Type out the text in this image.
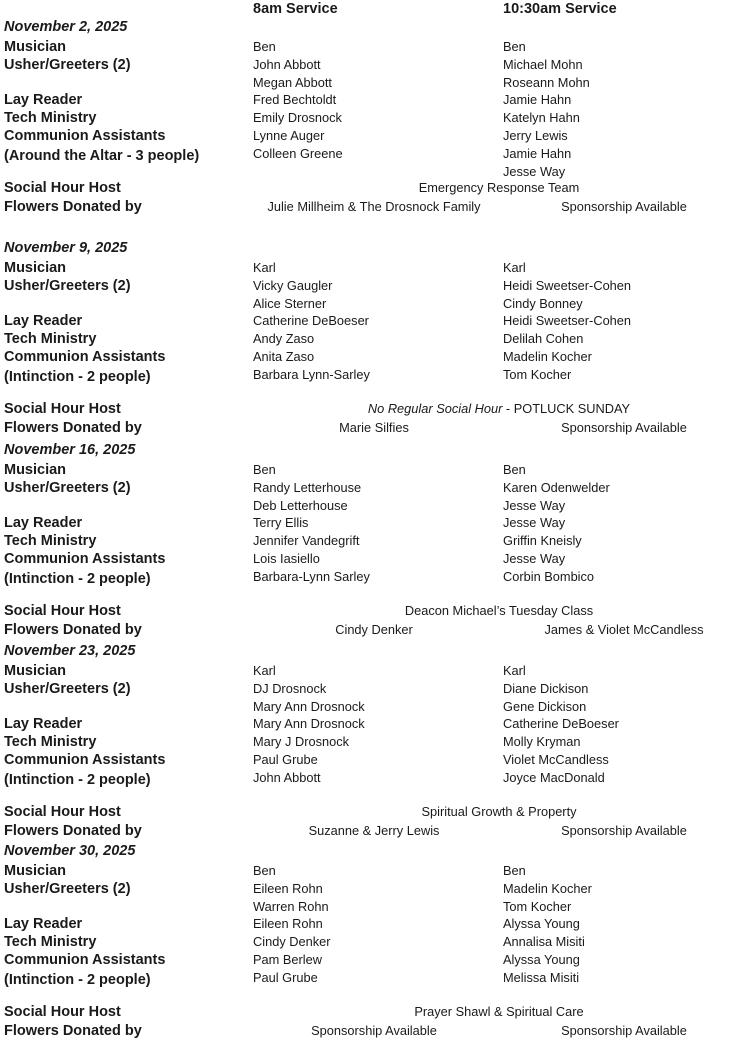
8am Service	10:30am Service
November 2, 2025
Musician
Usher/Greeters (2)
Lay Reader
Tech Ministry
Communion Assistants
(Around the Altar - 3 people)
Social Hour Host
Flowers Donated by
Ben
John Abbott
Megan Abbott
Fred Bechtoldt
Emily Drosnock
Lynne Auger
Colleen Greene
Julie Millheim & The Drosnock Family
Ben
Michael Mohn
Roseann Mohn
Jamie Hahn
Katelyn Hahn
Jerry Lewis
Jamie Hahn
Jesse Way
Sponsorship Available
Emergency Response Team
November 9, 2025
Musician
Usher/Greeters (2)
Lay Reader
Tech Ministry
Communion Assistants
(Intinction - 2 people)
Social Hour Host
Flowers Donated by
Karl
Vicky Gaugler
Alice Sterner
Catherine DeBoeser
Andy Zaso
Anita Zaso
Barbara Lynn-Sarley
Marie Silfies
Karl
Heidi Sweetser-Cohen
Cindy Bonney
Heidi Sweetser-Cohen
Delilah Cohen
Madelin Kocher
Tom Kocher
Sponsorship Available
No Regular Social Hour - POTLUCK SUNDAY
November 16, 2025
Musician
Usher/Greeters (2)
Lay Reader
Tech Ministry
Communion Assistants
(Intinction - 2 people)
Social Hour Host
Flowers Donated by
Ben
Randy Letterhouse
Deb Letterhouse
Terry Ellis
Jennifer Vandegrift
Lois Iasiello
Barbara-Lynn Sarley
Cindy Denker
Ben
Karen Odenwelder
Jesse Way
Jesse Way
Griffin Kneisly
Jesse Way
Corbin Bombico
James & Violet McCandless
Deacon Michael’s Tuesday Class
November 23, 2025
Musician
Usher/Greeters (2)
Lay Reader
Tech Ministry
Communion Assistants
(Intinction - 2 people)
Social Hour Host
Flowers Donated by
Karl
DJ Drosnock
Mary Ann Drosnock
Mary Ann Drosnock
Mary J Drosnock
Paul Grube
John Abbott
Suzanne & Jerry Lewis
Karl
Diane Dickison
Gene Dickison
Catherine DeBoeser
Molly Kryman
Violet McCandless
Joyce MacDonald
Sponsorship Available
Spiritual Growth & Property
November 30, 2025
Musician
Usher/Greeters (2)
Lay Reader
Tech Ministry
Communion Assistants
(Intinction - 2 people)
Social Hour Host
Flowers Donated by
Ben
Eileen Rohn
Warren Rohn
Eileen Rohn
Cindy Denker
Pam Berlew
Paul Grube
Sponsorship Available
Ben
Madelin Kocher
Tom Kocher
Alyssa Young
Annalisa Misiti
Alyssa Young
Melissa Misiti
Sponsorship Available
Prayer Shawl & Spiritual Care
